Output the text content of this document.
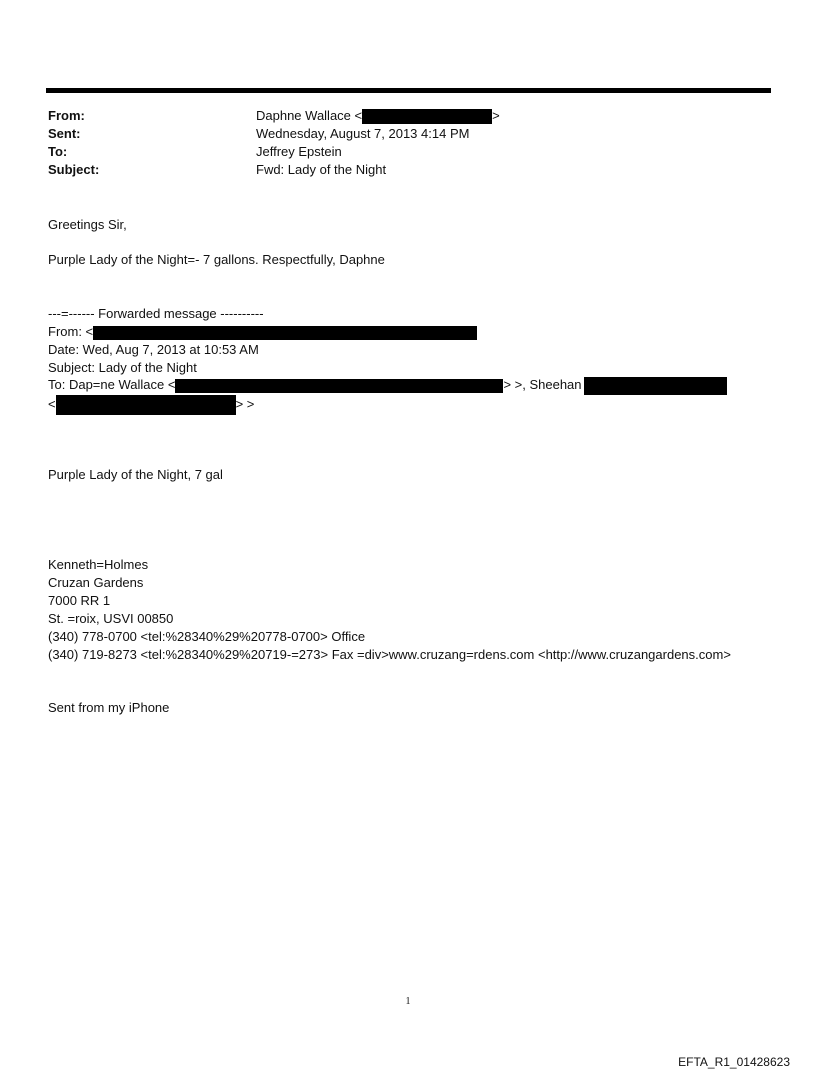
From:	Daphne Wallace <	>
Sent:	Wednesday, August 7, 2013 4:14 PM
To:	Jeffrey Epstein
Subject:	Fwd: Lady of the Night
Greetings Sir,
Purple Lady of the Night=- 7 gallons. Respectfully, Daphne
---=------ Forwarded message ----------
From: <
Date: Wed, Aug 7, 2013 at 10:53 AM
Subject: Lady of the Night
To: Dap=ne Wallace <	> >, Sheehan
<	> >
Purple Lady of the Night, 7 gal
Kenneth=Holmes
Cruzan Gardens
7000 RR 1
St. =roix, USVI 00850
(340) 778-0700 <tel:%28340%29%20778-0700> Office
(340) 719-8273 <tel:%28340%29%20719-=273> Fax =div>www.cruzang=rdens.com <http://www.cruzangardens.com>
Sent from my iPhone
1
EFTA_R1_01428623
